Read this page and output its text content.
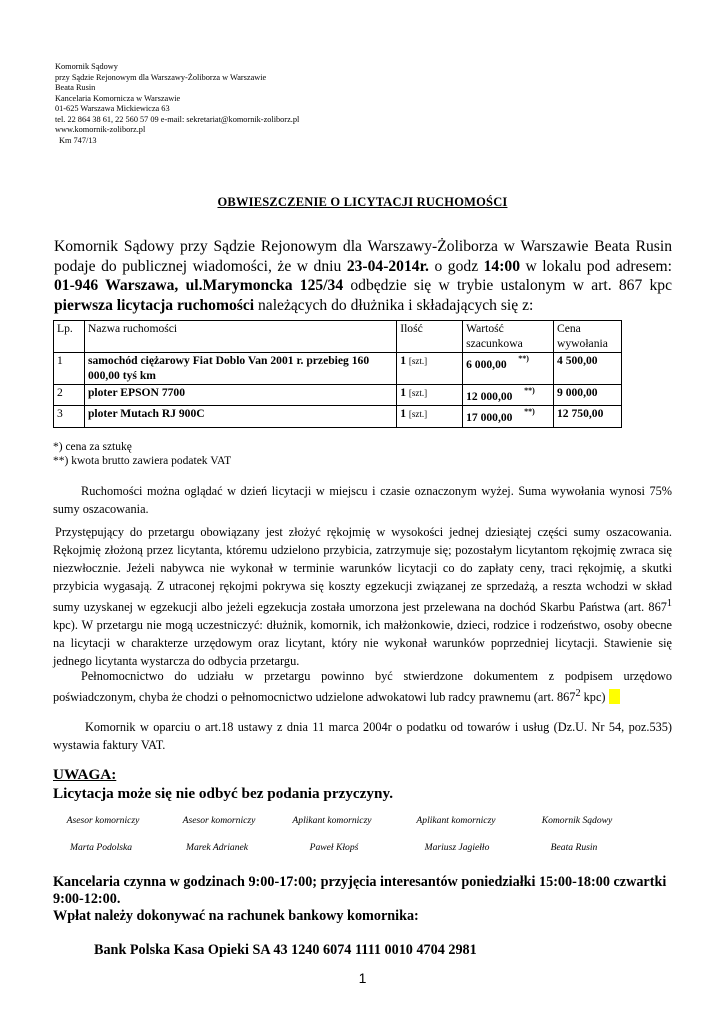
Komornik Sądowy
przy Sądzie Rejonowym dla Warszawy-Żoliborza w Warszawie
Beata Rusin
Kancelaria Komornicza w Warszawie
01-625 Warszawa Mickiewicza 63
tel. 22 864 38 61, 22 560 57 09 e-mail: sekretariat@komornik-zoliborz.pl
www.komornik-zoliborz.pl
Km 747/13
OBWIESZCZENIE O LICYTACJI RUCHOMOŚCI
Komornik Sądowy przy Sądzie Rejonowym dla Warszawy-Żoliborza w Warszawie Beata Rusin podaje do publicznej wiadomości, że w dniu 23-04-2014r. o godz 14:00 w lokalu pod adresem: 01-946 Warszawa, ul.Marymoncka 125/34 odbędzie się w trybie ustalonym w art. 867 kpc pierwsza licytacja ruchomości należących do dłużnika i składających się z:
Lp.	Nazwa ruchomości	Ilość	Wartość szacunkowa	Cena wywołania
1	samochód ciężarowy Fiat Doblo Van 2001 r. przebieg 160 000,00 tyś km	1 [szt.]	6 000,00 **)	4 500,00
2	ploter EPSON 7700	1 [szt.]	12 000,00 **)	9 000,00
3	ploter Mutach RJ 900C	1 [szt.]	17 000,00 **)	12 750,00
*) cena za sztukę
**) kwota brutto zawiera podatek VAT
Ruchomości można oglądać w dzień licytacji w miejscu i czasie oznaczonym wyżej. Suma wywołania wynosi 75% sumy oszacowania.
Przystępujący do przetargu obowiązany jest złożyć rękojmię w wysokości jednej dziesiątej części sumy oszacowania. Rękojmię złożoną przez licytanta, któremu udzielono przybicia, zatrzymuje się; pozostałym licytantom rękojmię zwraca się niezwłocznie. Jeżeli nabywca nie wykonał w terminie warunków licytacji co do zapłaty ceny, traci rękojmię, a skutki przybicia wygasają. Z utraconej rękojmi pokrywa się koszty egzekucji związanej ze sprzedażą, a reszta wchodzi w skład sumy uzyskanej w egzekucji albo jeżeli egzekucja została umorzona jest przelewana na dochód Skarbu Państwa (art. $867^1$ kpc). W przetargu nie mogą uczestniczyć: dłużnik, komornik, ich małżonkowie, dzieci, rodzice i rodzeństwo, osoby obecne na licytacji w charakterze urzędowym oraz licytant, który nie wykonał warunków poprzedniej licytacji. Stawienie się jednego licytanta wystarcza do odbycia przetargu.
Pełnomocnictwo do udziału w przetargu powinno być stwierdzone dokumentem z podpisem urzędowo poświadczonym, chyba że chodzi o pełnomocnictwo udzielone adwokatowi lub radcy prawnemu (art. $867^2$ kpc)
Komornik w oparciu o art.18 ustawy z dnia 11 marca 2004r o podatku od towarów i usług (Dz.U. Nr 54, poz.535) wystawia faktury VAT.
UWAGA:
Licytacja może się nie odbyć bez podania przyczyny.
Asesor komorniczy	Asesor komorniczy	Aplikant komorniczy	Aplikant komorniczy	Komornik Sądowy
Marta Podolska	Marek Adrianek	Paweł Kłopś	Mariusz Jagiełło	Beata Rusin
Kancelaria czynna w godzinach 9:00-17:00; przyjęcia interesantów poniedziałki 15:00-18:00 czwartki 9:00-12:00.
Wpłat należy dokonywać na rachunek bankowy komornika:
Bank Polska Kasa Opieki SA 43 1240 6074 1111 0010 4704 2981
1
